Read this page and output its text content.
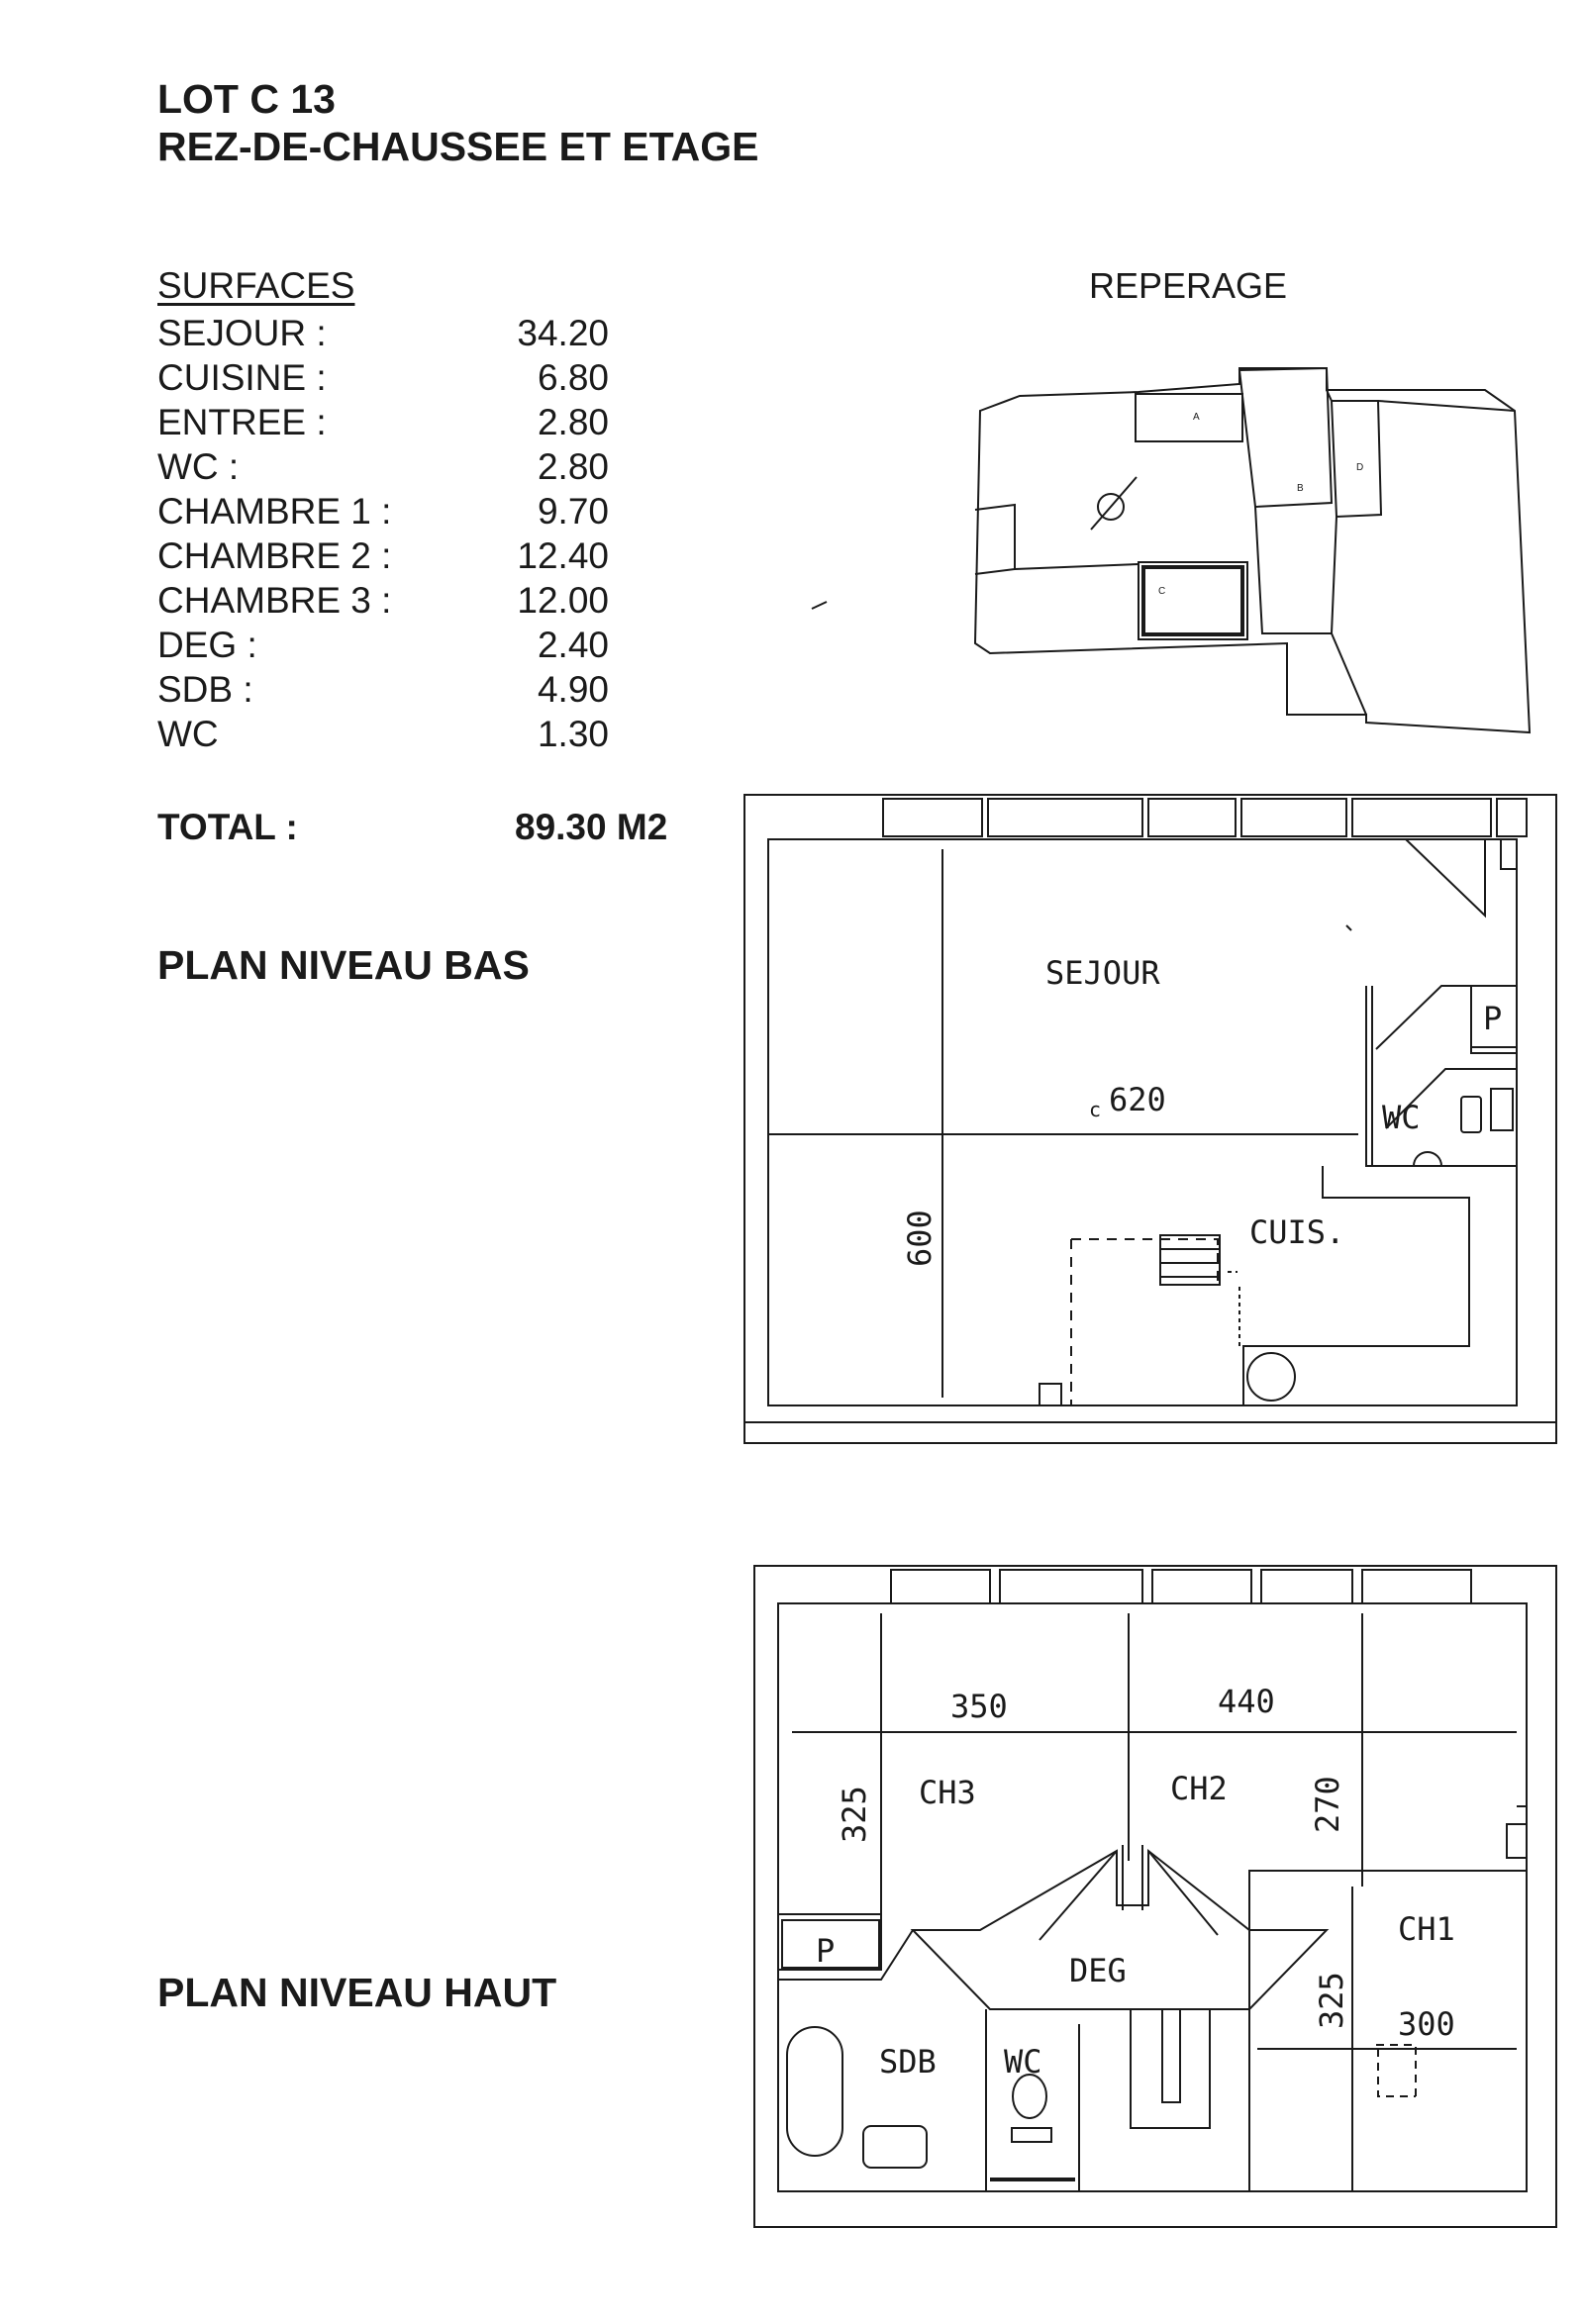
LOT C 13
REZ-DE-CHAUSSEE ET ETAGE
SURFACES
SEJOUR :	34.20
CUISINE :	6.80
ENTREE :	2.80
WC :	2.80
CHAMBRE 1 :	9.70
CHAMBRE 2 :	12.40
CHAMBRE 3 :	12.00
DEG :	2.40
SDB :	4.90
WC	1.30
TOTAL :	89.30 M2
PLAN NIVEAU BAS
PLAN NIVEAU HAUT
REPERAGE
A
B
C
D
SEJOUR
CUIS.
WC
P
620
c
600
CH3	CH2
CH1
DEG
SDB WC
P
350	440
300
325	270
325
